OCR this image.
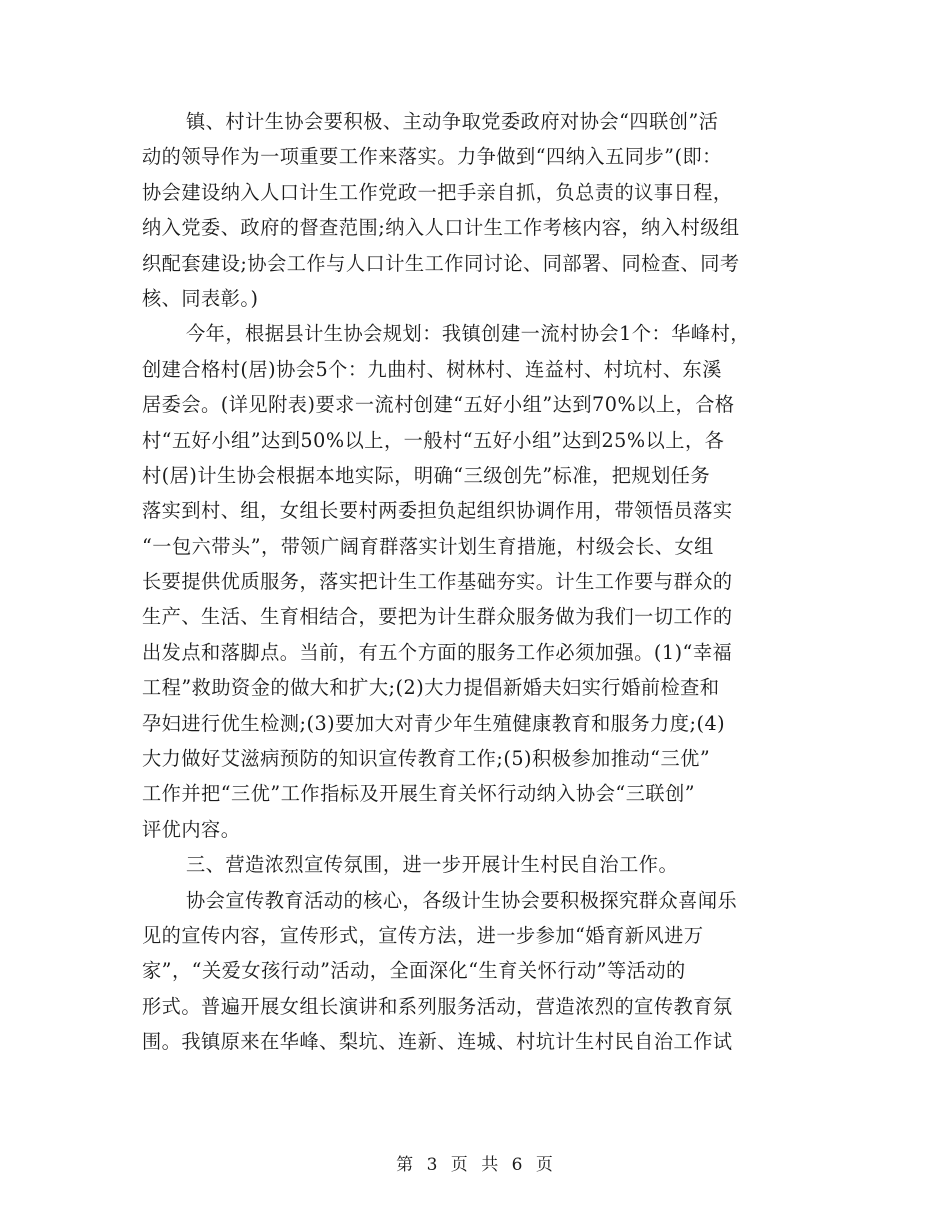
镇、村计生协会要积极、主动争取党委政府对协会“四联创”活
动的领导作为一项重要工作来落实。力争做到“四纳入五同步”(即：
协会建设纳入人口计生工作党政一把手亲自抓，负总责的议事日程，
纳入党委、政府的督查范围;纳入人口计生工作考核内容，纳入村级组
织配套建设;协会工作与人口计生工作同讨论、同部署、同检查、同考
核、同表彰。)
今年，根据县计生协会规划：我镇创建一流村协会1个：华峰村，
创建合格村(居)协会5个：九曲村、树林村、连益村、村坑村、东溪
居委会。(详见附表)要求一流村创建“五好小组”达到70%以上，合格
村“五好小组”达到50%以上，一般村“五好小组”达到25%以上，各
村(居)计生协会根据本地实际，明确“三级创先”标准，把规划任务
落实到村、组，女组长要村两委担负起组织协调作用，带领悟员落实
“一包六带头”，带领广阔育群落实计划生育措施，村级会长、女组
长要提供优质服务，落实把计生工作基础夯实。计生工作要与群众的
生产、生活、生育相结合，要把为计生群众服务做为我们一切工作的
出发点和落脚点。当前，有五个方面的服务工作必须加强。(1)“幸福
工程”救助资金的做大和扩大;(2)大力提倡新婚夫妇实行婚前检查和
孕妇进行优生检测;(3)要加大对青少年生殖健康教育和服务力度;(4)
大力做好艾滋病预防的知识宣传教育工作;(5)积极参加推动“三优”
工作并把“三优”工作指标及开展生育关怀行动纳入协会“三联创”
评优内容。
三、营造浓烈宣传氛围，进一步开展计生村民自治工作。
协会宣传教育活动的核心，各级计生协会要积极探究群众喜闻乐
见的宣传内容，宣传形式，宣传方法，进一步参加“婚育新风进万
家”，“关爱女孩行动”活动，全面深化“生育关怀行动”等活动的
形式。普遍开展女组长演讲和系列服务活动，营造浓烈的宣传教育氛
围。我镇原来在华峰、梨坑、连新、连城、村坑计生村民自治工作试
第 3 页 共 6 页
